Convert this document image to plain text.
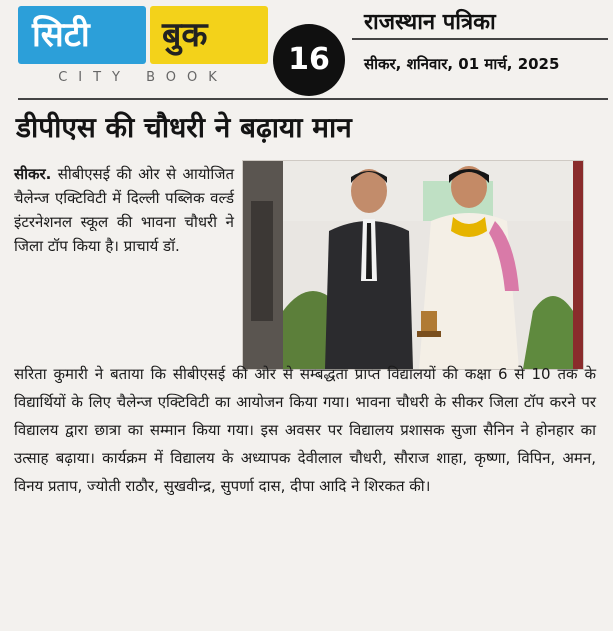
सिटी बुक
CITY BOOK
16
राजस्थान पत्रिका
सीकर, शनिवार, 01 मार्च, 2025
डीपीएस की चौधरी ने बढ़ाया मान
सीकर. सीबीएसई की ओर से आयोजित चैलेन्ज एक्टिविटी में दिल्ली पब्लिक वर्ल्ड इंटरनेशनल स्कूल की भावना चौधरी ने जिला टॉप किया है। प्राचार्य डॉ.
सरिता कुमारी ने बताया कि सीबीएसई की ओर से सम्बद्धता प्राप्त विद्यालयों की कक्षा 6 से 10 तक के विद्यार्थियों के लिए चैलेन्ज एक्टिविटी का आयोजन किया गया। भावना चौधरी के सीकर जिला टॉप करने पर विद्यालय द्वारा छात्रा का सम्मान किया गया। इस अवसर पर विद्यालय प्रशासक सुजा सैनिन ने होनहार का उत्साह बढ़ाया। कार्यक्रम में विद्यालय के अध्यापक देवीलाल चौधरी, सौराज शाहा, कृष्णा, विपिन, अमन, विनय प्रताप, ज्योती राठौर, सुखवीन्द्र, सुपर्णा दास, दीपा आदि ने शिरकत की।
